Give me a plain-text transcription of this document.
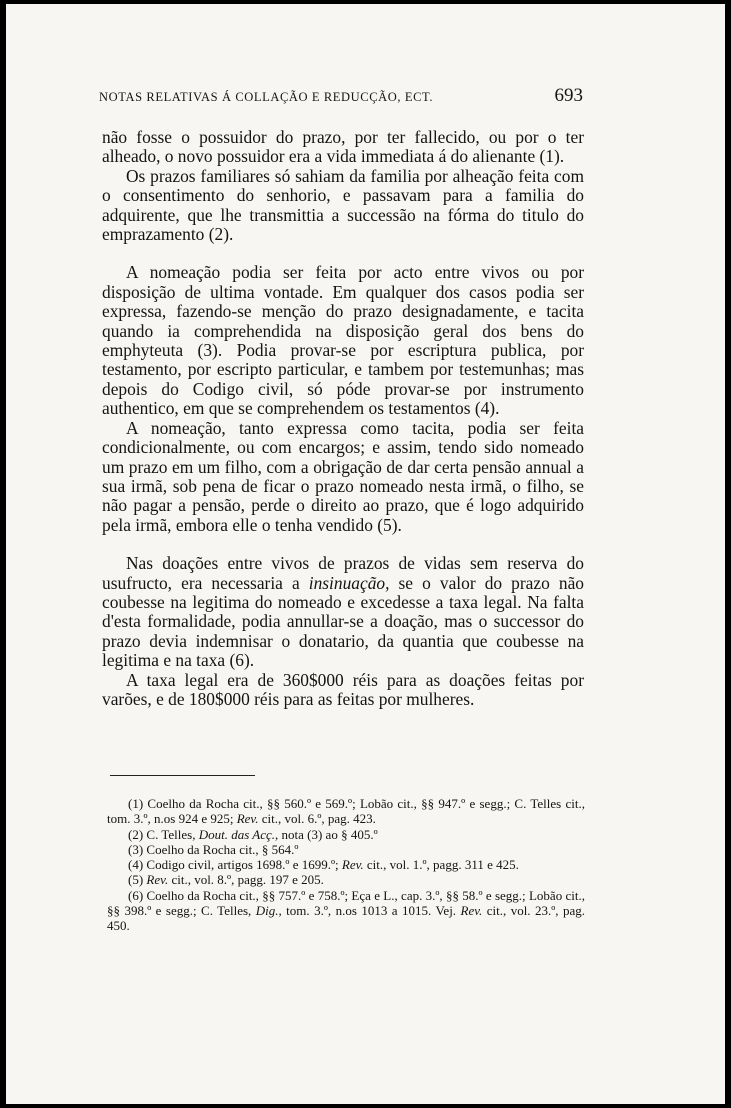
NOTAS RELATIVAS Á COLLAÇÃO E REDUCÇÃO, ECT.	693

não fosse o possuidor do prazo, por ter fallecido, ou por o ter alheado, o novo possuidor era a vida immediata á do alienante (1).

Os prazos familiares só sahiam da familia por alheação feita com o consentimento do senhorio, e passavam para a familia do adquirente, que lhe transmittia a successão na fórma do titulo do emprazamento (2).

A nomeação podia ser feita por acto entre vivos ou por disposição de ultima vontade. Em qualquer dos casos podia ser expressa, fazendo-se menção do prazo designadamente, e tacita quando ia comprehendida na disposição geral dos bens do emphyteuta (3). Podia provar-se por escriptura publica, por testamento, por escripto particular, e tambem por testemunhas; mas depois do Codigo civil, só póde provar-se por instrumento authentico, em que se comprehendem os testamentos (4).

A nomeação, tanto expressa como tacita, podia ser feita condicionalmente, ou com encargos; e assim, tendo sido nomeado um prazo em um filho, com a obrigação de dar certa pensão annual a sua irmã, sob pena de ficar o prazo nomeado nesta irmã, o filho, se não pagar a pensão, perde o direito ao prazo, que é logo adquirido pela irmã, embora elle o tenha vendido (5).

Nas doações entre vivos de prazos de vidas sem reserva do usufructo, era necessaria a insinuação, se o valor do prazo não coubesse na legitima do nomeado e excedesse a taxa legal. Na falta d'esta formalidade, podia annullar-se a doação, mas o successor do prazo devia indemnisar o donatario, da quantia que coubesse na legitima e na taxa (6).

A taxa legal era de 360$000 réis para as doações feitas por varões, e de 180$000 réis para as feitas por mulheres.

(1) Coelho da Rocha cit., §§ 560.º e 569.º; Lobão cit., §§ 947.º e segg.; C. Telles cit., tom. 3.º, n.os 924 e 925; Rev. cit., vol. 6.º, pag. 423.

(2) C. Telles, Dout. das Acç., nota (3) ao § 405.º

(3) Coelho da Rocha cit., § 564.º

(4) Codigo civil, artigos 1698.º e 1699.º; Rev. cit., vol. 1.º, pagg. 311 e 425.

(5) Rev. cit., vol. 8.º, pagg. 197 e 205.

(6) Coelho da Rocha cit., §§ 757.º e 758.º; Eça e L., cap. 3.º, §§ 58.º e segg.; Lobão cit., §§ 398.º e segg.; C. Telles, Dig., tom. 3.º, n.os 1013 a 1015. Vej. Rev. cit., vol. 23.º, pag. 450.
